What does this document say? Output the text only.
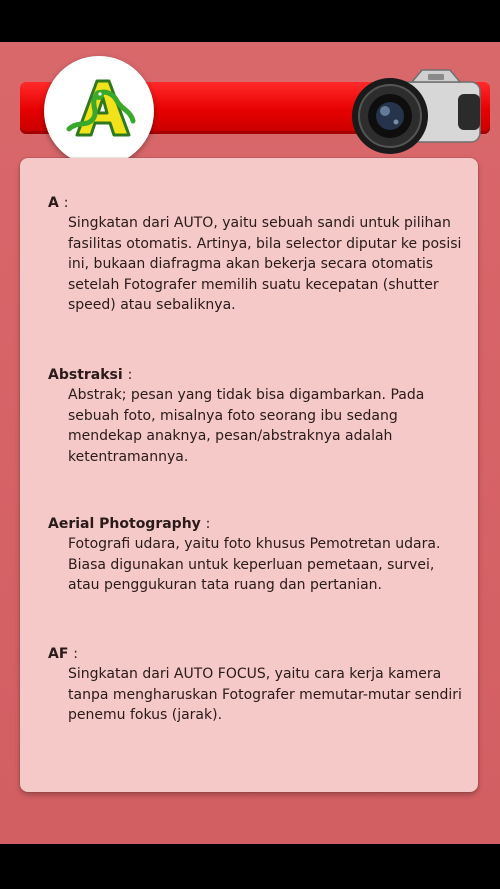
A :
Singkatan dari AUTO, yaitu sebuah sandi untuk pilihan fasilitas otomatis. Artinya, bila selector diputar ke posisi ini, bukaan diafragma akan bekerja secara otomatis setelah Fotografer memilih suatu kecepatan (shutter speed) atau sebaliknya.
Abstraksi :
Abstrak; pesan yang tidak bisa digambarkan. Pada sebuah foto, misalnya foto seorang ibu sedang mendekap anaknya, pesan/abstraknya adalah ketentramannya.
Aerial Photography :
Fotografi udara, yaitu foto khusus Pemotretan udara. Biasa digunakan untuk keperluan pemetaan, survei, atau penggukuran tata ruang dan pertanian.
AF :
Singkatan dari AUTO FOCUS, yaitu cara kerja kamera tanpa mengharuskan Fotografer memutar-mutar sendiri penemu fokus (jarak).
